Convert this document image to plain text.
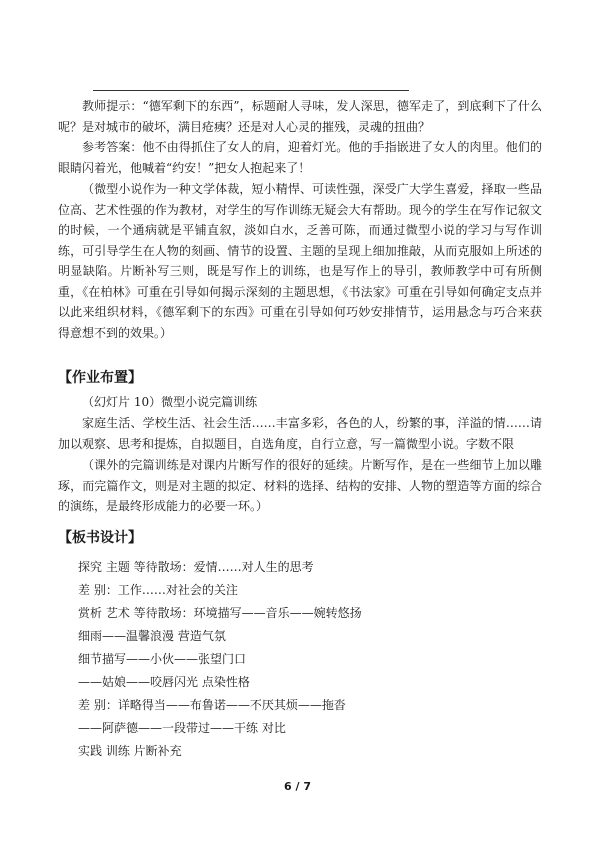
教师提示：“德军剩下的东西”，标题耐人寻味，发人深思，德军走了，到底剩下了什么呢？是对城市的破坏，满目疮痍？还是对人心灵的摧残，灵魂的扭曲？

参考答案：他不由得抓住了女人的肩，迎着灯光。他的手指嵌进了女人的肉里。他们的眼睛闪着光，他喊着“约安！”把女人抱起来了！

（微型小说作为一种文学体裁，短小精悍、可读性强，深受广大学生喜爱，择取一些品位高、艺术性强的作为教材，对学生的写作训练无疑会大有帮助。现今的学生在写作记叙文的时候，一个通病就是平铺直叙，淡如白水，乏善可陈，而通过微型小说的学习与写作训练，可引导学生在人物的刻画、情节的设置、主题的呈现上细加推敲，从而克服如上所述的明显缺陷。片断补写三则，既是写作上的训练，也是写作上的导引，教师教学中可有所侧重，《在柏林》可重在引导如何揭示深刻的主题思想，《书法家》可重在引导如何确定支点并以此来组织材料，《德军剩下的东西》可重在引导如何巧妙安排情节，运用悬念与巧合来获得意想不到的效果。）

【作业布置】

（幻灯片 10）微型小说完篇训练

家庭生活、学校生活、社会生活……丰富多彩，各色的人，纷繁的事，洋溢的情……请加以观察、思考和提炼，自拟题目，自选角度，自行立意，写一篇微型小说。字数不限

（课外的完篇训练是对课内片断写作的很好的延续。片断写作，是在一些细节上加以雕琢，而完篇作文，则是对主题的拟定、材料的选择、结构的安排、人物的塑造等方面的综合的演练，是最终形成能力的必要一环。）

【板书设计】

探究 主题 等待散场：爱情……对人生的思考

差 别：工作……对社会的关注

赏析 艺术 等待散场：环境描写——音乐——婉转悠扬

细雨——温馨浪漫 营造气氛

细节描写——小伙——张望门口

——姑娘——咬唇闪光 点染性格

差 别：详略得当——布鲁诺——不厌其烦——拖沓

——阿萨德——一段带过——干练 对比

实践 训练 片断补充

6 / 7
